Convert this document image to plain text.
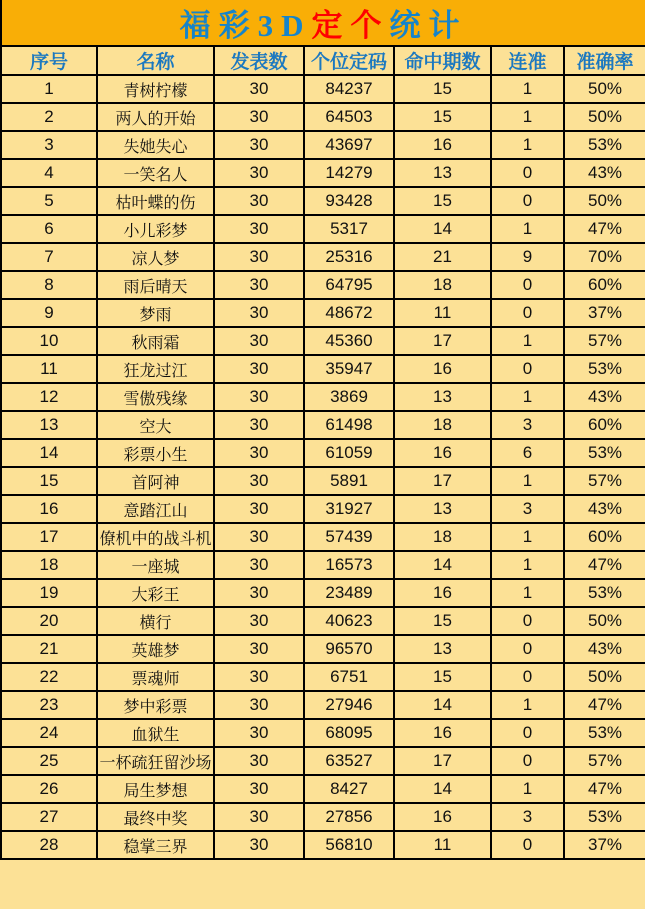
福彩3D定个统计						
序号	名称	发表数	个位定码	命中期数	连准	准确率
1	青树柠檬	30	84237	15	1	50%
2	两人的开始	30	64503	15	1	50%
3	失她失心	30	43697	16	1	53%
4	一笑名人	30	14279	13	0	43%
5	枯叶蝶的伤	30	93428	15	0	50%
6	小儿彩梦	30	5317	14	1	47%
7	凉人梦	30	25316	21	9	70%
8	雨后晴天	30	64795	18	0	60%
9	梦雨	30	48672	11	0	37%
10	秋雨霜	30	45360	17	1	57%
11	狂龙过江	30	35947	16	0	53%
12	雪傲残缘	30	3869	13	1	43%
13	空大	30	61498	18	3	60%
14	彩票小生	30	61059	16	6	53%
15	首阿神	30	5891	17	1	57%
16	意踏江山	30	31927	13	3	43%
17	僚机中的战斗机	30	57439	18	1	60%
18	一座城	30	16573	14	1	47%
19	大彩王	30	23489	16	1	53%
20	横行	30	40623	15	0	50%
21	英雄梦	30	96570	13	0	43%
22	票魂师	30	6751	15	0	50%
23	梦中彩票	30	27946	14	1	47%
24	血狱生	30	68095	16	0	53%
25	一杯疏狂留沙场	30	63527	17	0	57%
26	局生梦想	30	8427	14	1	47%
27	最终中奖	30	27856	16	3	53%
28	稳掌三界	30	56810	11	0	37%
